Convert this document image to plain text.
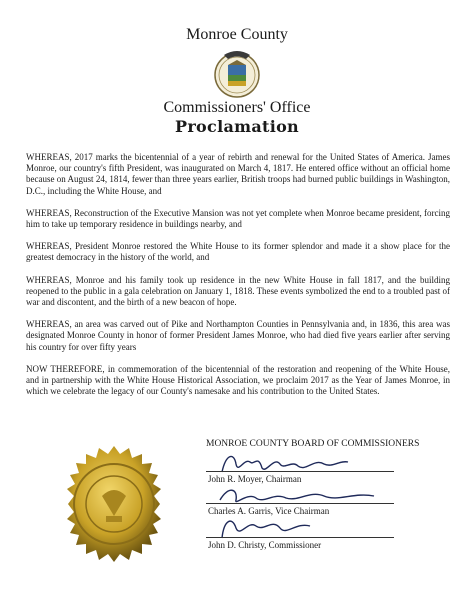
Monroe County
Commissioners' Office
Proclamation

WHEREAS, 2017 marks the bicentennial of a year of rebirth and renewal for the United States of America. James Monroe, our country's fifth President, was inaugurated on March 4, 1817. He entered office without an official home because on August 24, 1814, fewer than three years earlier, British troops had burned public buildings in Washington, D.C., including the White House, and

WHEREAS, Reconstruction of the Executive Mansion was not yet complete when Monroe became president, forcing him to take up temporary residence in buildings nearby, and

WHEREAS, President Monroe restored the White House to its former splendor and made it a show place for the greatest democracy in the history of the world, and

WHEREAS, Monroe and his family took up residence in the new White House in fall 1817, and the building reopened to the public in a gala celebration on January 1, 1818. These events symbolized the end to a troubled past of war and discontent, and the birth of a new beacon of hope.

WHEREAS, an area was carved out of Pike and Northampton Counties in Pennsylvania and, in 1836, this area was designated Monroe County in honor of former President James Monroe, who had died five years earlier after serving his country for over fifty years

NOW THEREFORE, in commemoration of the bicentennial of the restoration and reopening of the White House, and in partnership with the White House Historical Association, we proclaim 2017 as the Year of James Monroe, in which we celebrate the legacy of our County's namesake and his contribution to the United States.

MONROE COUNTY BOARD OF COMMISSIONERS
John R. Moyer, Chairman
Charles A. Garris, Vice Chairman
John D. Christy, Commissioner
